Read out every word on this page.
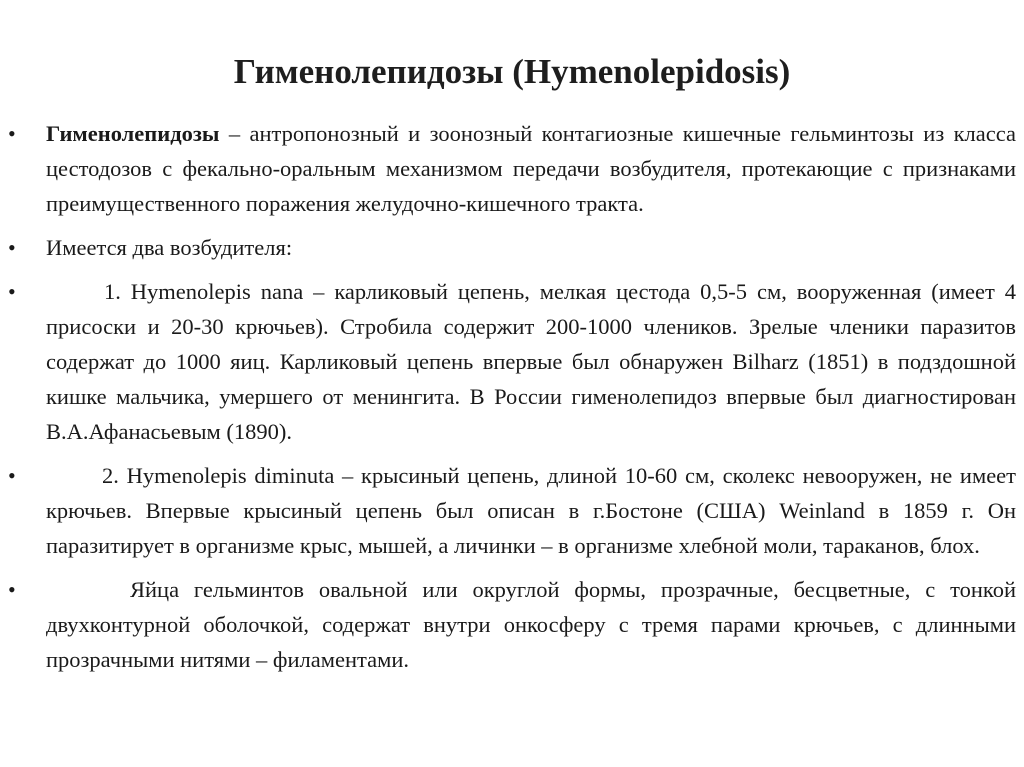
Гименолепидозы (Hymenolepidosis)
• Гименолепидозы – антропонозный и зоонозный контагиозные кишечные гельминтозы из класса цестодозов с фекально-оральным механизмом передачи возбудителя, протекающие с признаками преимущественного поражения желудочно-кишечного тракта.

• Имеется два возбудителя:

•	1. Hymenolepis nana – карликовый цепень, мелкая цестода 0,5-5 см, вооруженная (имеет 4 присоски и 20-30 крючьев). Стробила содержит 200-1000 члеников. Зрелые членики паразитов содержат до 1000 яиц. Карликовый цепень впервые был обнаружен Bilharz (1851) в подздошной кишке мальчика, умершего от менингита. В России гименолепидоз впервые был диагностирован В.А.Афанасьевым (1890).

•	2. Hymenolepis diminuta – крысиный цепень, длиной 10-60 см, сколекс невооружен, не имеет крючьев. Впервые крысиный цепень был описан в г.Бостоне (США) Weinland в 1859 г. Он паразитирует в организме крыс, мышей, а личинки – в организме хлебной моли, тараканов, блох.

•	Яйца гельминтов овальной или округлой формы, прозрачные, бесцветные, с тонкой двухконтурной оболочкой, содержат внутри онкосферу с тремя парами крючьев, с длинными прозрачными нитями – филаментами.
